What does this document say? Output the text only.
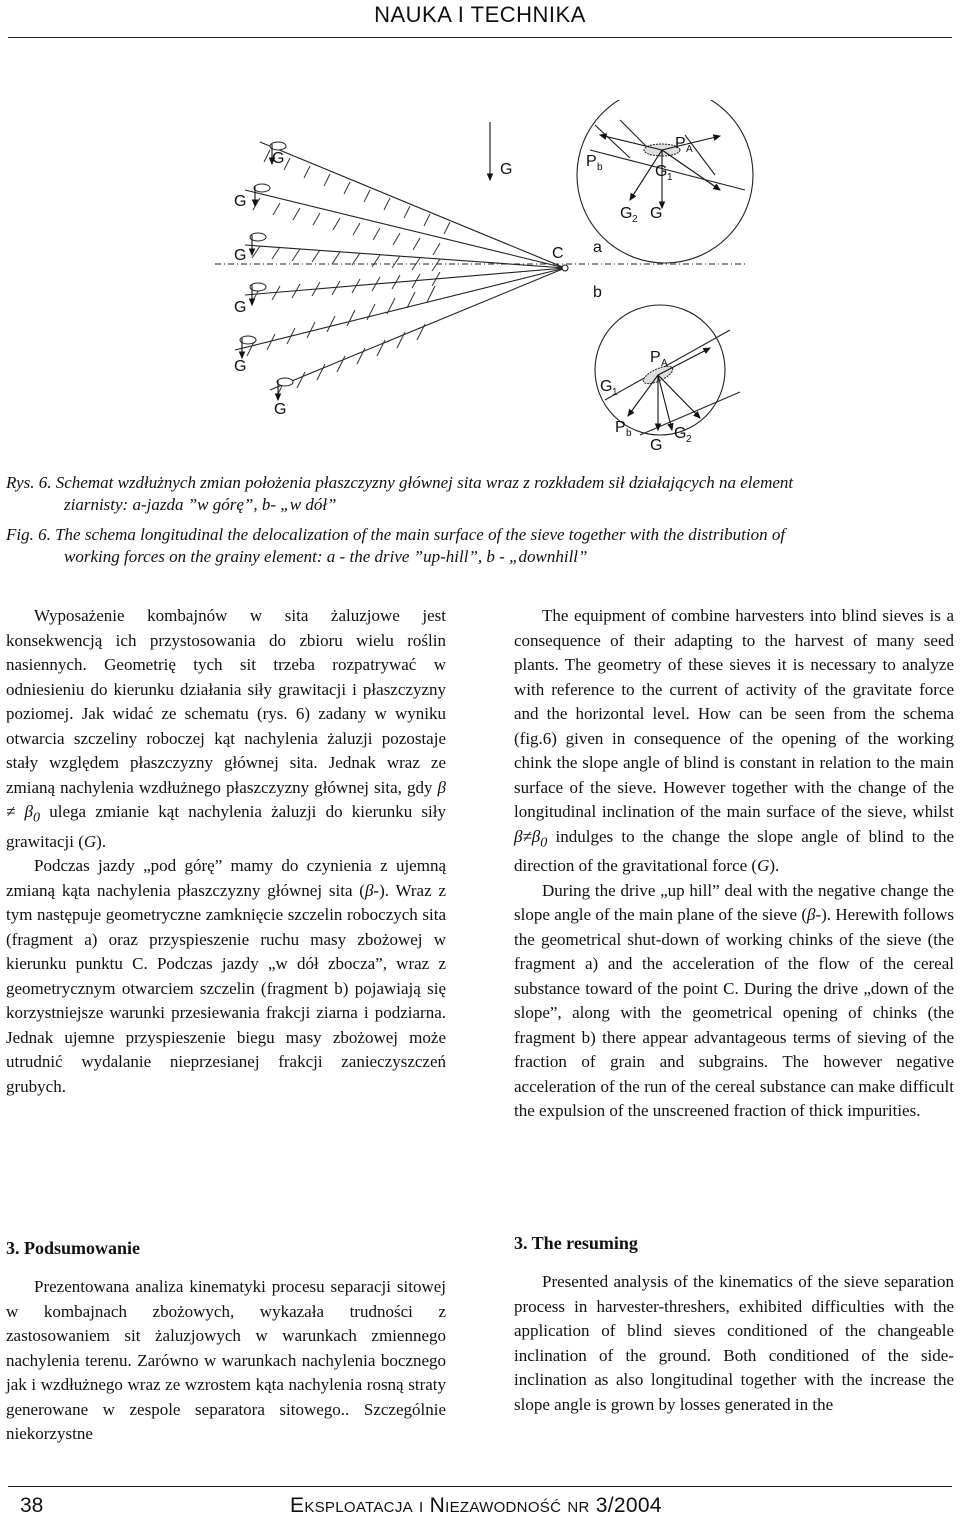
NAUKA I TECHNIKA
G
G
G
G
G
G
G
C a
b
P A
P b	G 1
G 2 G
P A
G 1
P b
G
G 2
Rys. 6. Schemat wzdłużnych zmian położenia płaszczyzny głównej sita wraz z rozkładem sił działających na element
ziarnisty: a-jazda ”w górę”, b- „w dół”
Fig. 6. The schema longitudinal the delocalization of the main surface of the sieve together with the distribution of
working forces on the grainy element: a - the drive ”up-hill”, b - „downhill”

Wyposażenie kombajnów w sita żaluzjowe jest konsekwencją ich przystosowania do zbioru wielu roślin nasiennych. Geometrię tych sit trzeba rozpatrywać w odniesieniu do kierunku działania siły grawitacji i płaszczyzny poziomej. Jak widać ze schematu (rys. 6) zadany w wyniku otwarcia szczeliny roboczej kąt nachylenia żaluzji pozostaje stały względem płaszczyzny głównej sita. Jednak wraz ze zmianą nachylenia wzdłużnego płaszczyzny głównej sita, gdy $\beta \ne \beta_0$ ulega zmianie kąt nachylenia żaluzji do kierunku siły grawitacji (G).

Podczas jazdy „pod górę” mamy do czynienia z ujemną zmianą kąta nachylenia płaszczyzny głównej sita (β-). Wraz z tym następuje geometryczne zamknięcie szczelin roboczych sita (fragment a) oraz przyspieszenie ruchu masy zbożowej w kierunku punktu C. Podczas jazdy „w dół zbocza”, wraz z geometrycznym otwarciem szczelin (fragment b) pojawiają się korzystniejsze warunki przesiewania frakcji ziarna i podziarna. Jednak ujemne przyspieszenie biegu masy zbożowej może utrudnić wydalanie nieprzesianej frakcji zanieczyszczeń grubych.

3. Podsumowanie

Prezentowana analiza kinematyki procesu separacji sitowej w kombajnach zbożowych, wykazała trudności z zastosowaniem sit żaluzjowych w warunkach zmiennego nachylenia terenu. Zarówno w warunkach nachylenia bocznego jak i wzdłużnego wraz ze wzrostem kąta nachylenia rosną straty generowane w zespole separatora sitowego.. Szczególnie niekorzystne

The equipment of combine harvesters into blind sieves is a consequence of their adapting to the harvest of many seed plants. The geometry of these sieves it is necessary to analyze with reference to the current of activity of the gravitate force and the horizontal level. How can be seen from the schema (fig.6) given in consequence of the opening of the working chink the slope angle of blind is constant in relation to the main surface of the sieve. However together with the change of the longitudinal inclination of the main surface of the sieve, whilst $\beta\ne\beta_0$ indulges to the change the slope angle of blind to the direction of the gravitational force (G).

During the drive „up hill” deal with the negative change the slope angle of the main plane of the sieve (β-). Herewith follows the geometrical shut-down of working chinks of the sieve (the fragment a) and the acceleration of the flow of the cereal substance toward of the point C. During the drive „down of the slope”, along with the geometrical opening of chinks (the fragment b) there appear advantageous terms of sieving of the fraction of grain and subgrains. The however negative acceleration of the run of the cereal substance can make difficult the expulsion of the unscreened fraction of thick impurities.

3. The resuming

Presented analysis of the kinematics of the sieve separation process in harvester-threshers, exhibited difficulties with the application of blind sieves conditioned of the changeable inclination of the ground. Both conditioned of the side- inclination as also longitudinal together with the increase the slope angle is grown by losses generated in the

38	Eksploatacja i Niezawodność nr 3/2004
